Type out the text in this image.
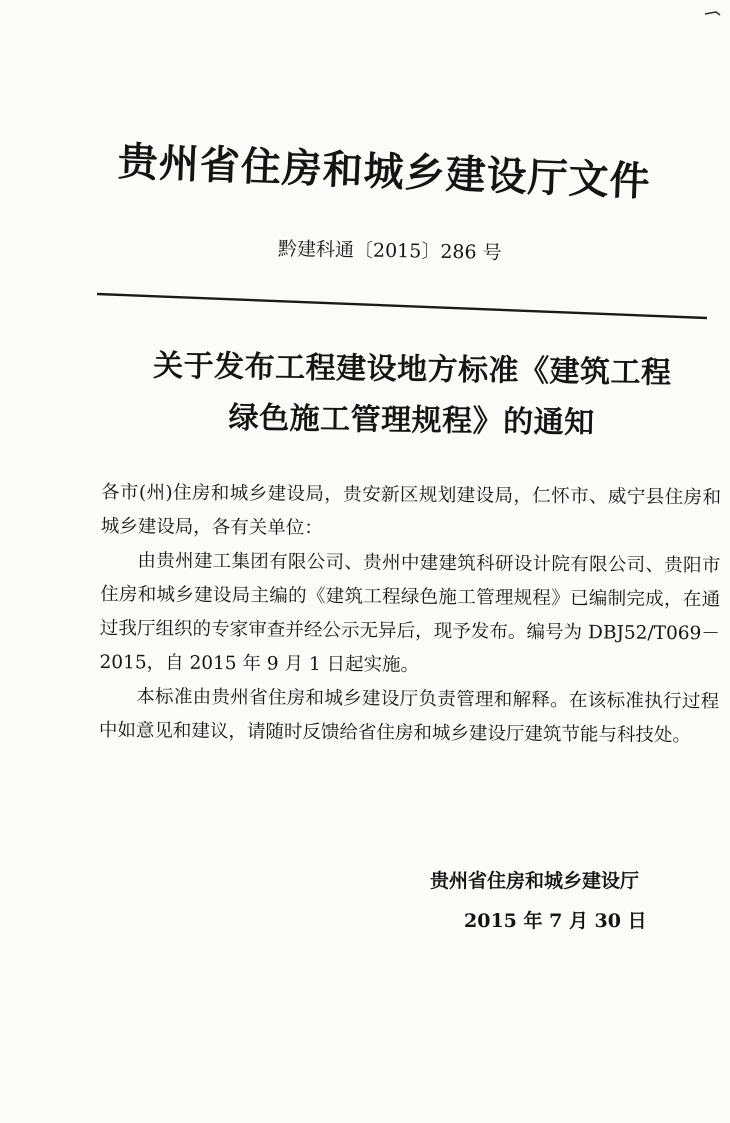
贵州省住房和城乡建设厅文件
黔建科通〔2015〕286 号
关于发布工程建设地方标准《建筑工程
绿色施工管理规程》的通知

各市(州)住房和城乡建设局，贵安新区规划建设局，仁怀市、威宁县住房和城乡建设局，各有关单位：

由贵州建工集团有限公司、贵州中建建筑科研设计院有限公司、贵阳市住房和城乡建设局主编的《建筑工程绿色施工管理规程》已编制完成，在通过我厅组织的专家审查并经公示无异后，现予发布。编号为 DBJ52/T069－2015，自 2015 年 9 月 1 日起实施。

本标准由贵州省住房和城乡建设厅负责管理和解释。在该标准执行过程中如意见和建议，请随时反馈给省住房和城乡建设厅建筑节能与科技处。

贵州省住房和城乡建设厅
2015 年 7 月 30 日
